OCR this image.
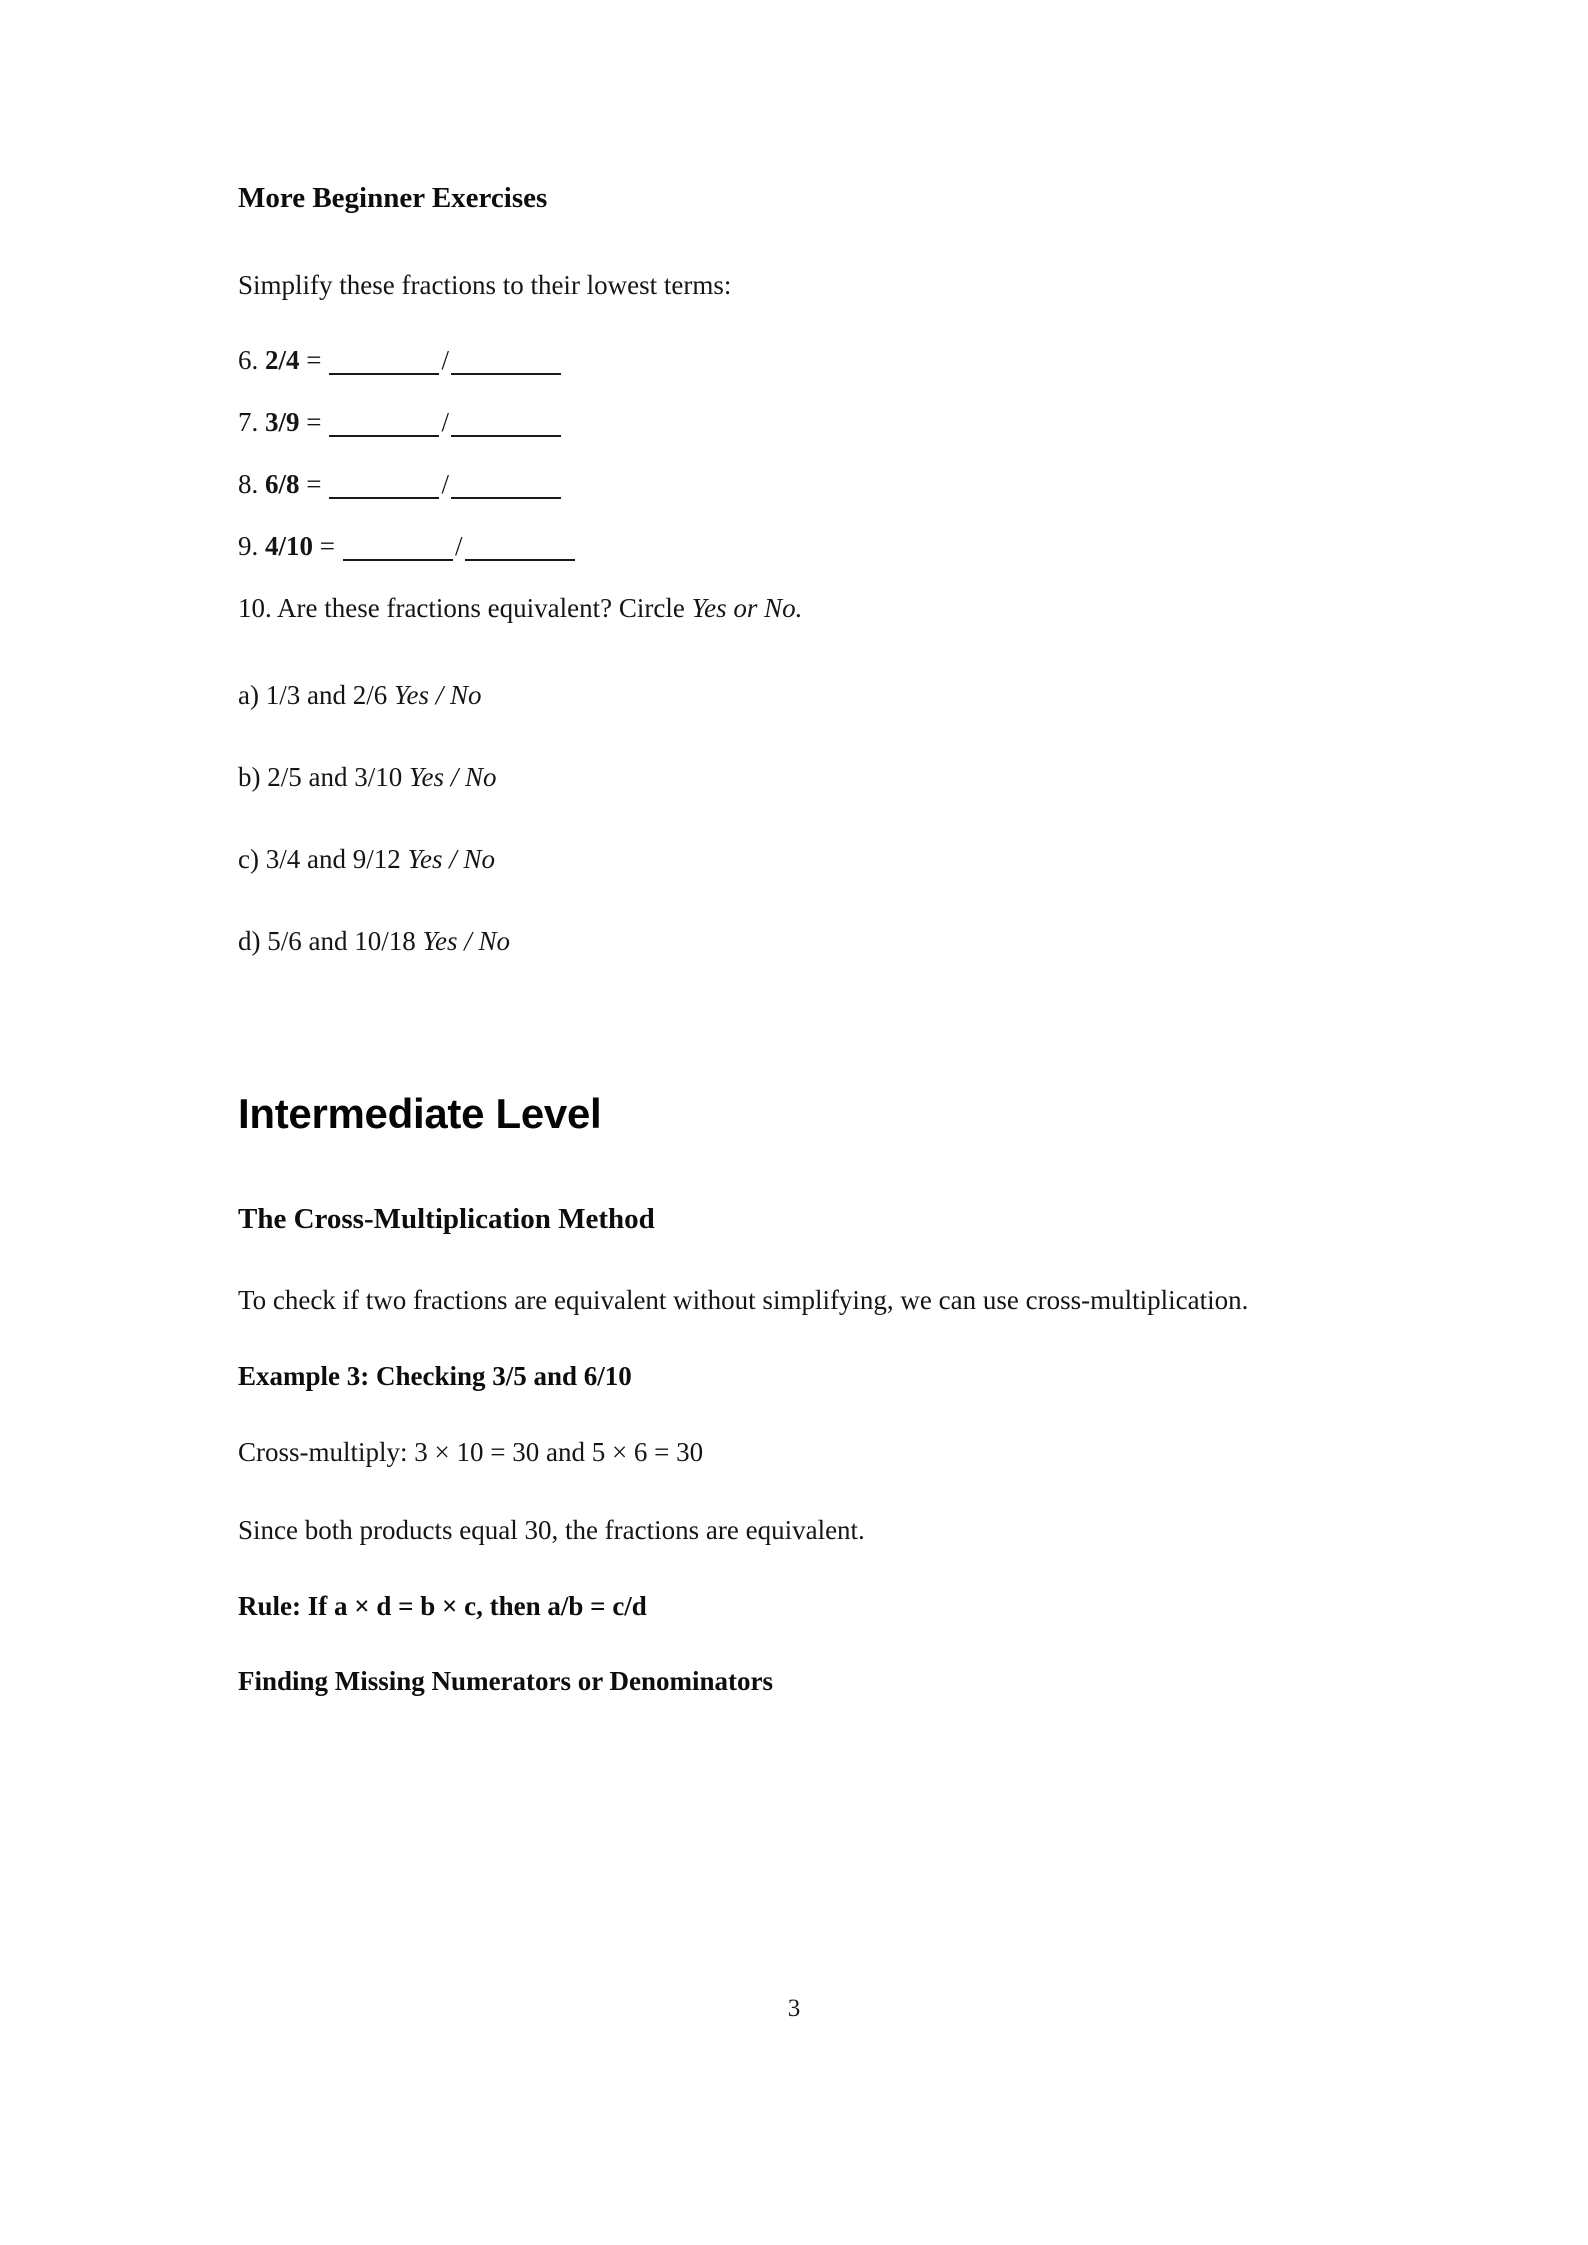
More Beginner Exercises

Simplify these fractions to their lowest terms:

6. 2/4 =	/
7. 3/9 =	/
8. 6/8 =	/
9. 4/10 =	/
10. Are these fractions equivalent? Circle Yes or No.

a) 1/3 and 2/6 Yes / No

b) 2/5 and 3/10 Yes / No

c) 3/4 and 9/12 Yes / No

d) 5/6 and 10/18 Yes / No

Intermediate Level
The Cross-Multiplication Method

To check if two fractions are equivalent without simplifying, we can use cross-multiplication.

Example 3: Checking 3/5 and 6/10

Cross-multiply: 3 × 10 = 30 and 5 × 6 = 30

Since both products equal 30, the fractions are equivalent.

Rule: If a × d = b × c, then a/b = c/d

Finding Missing Numerators or Denominators

3
